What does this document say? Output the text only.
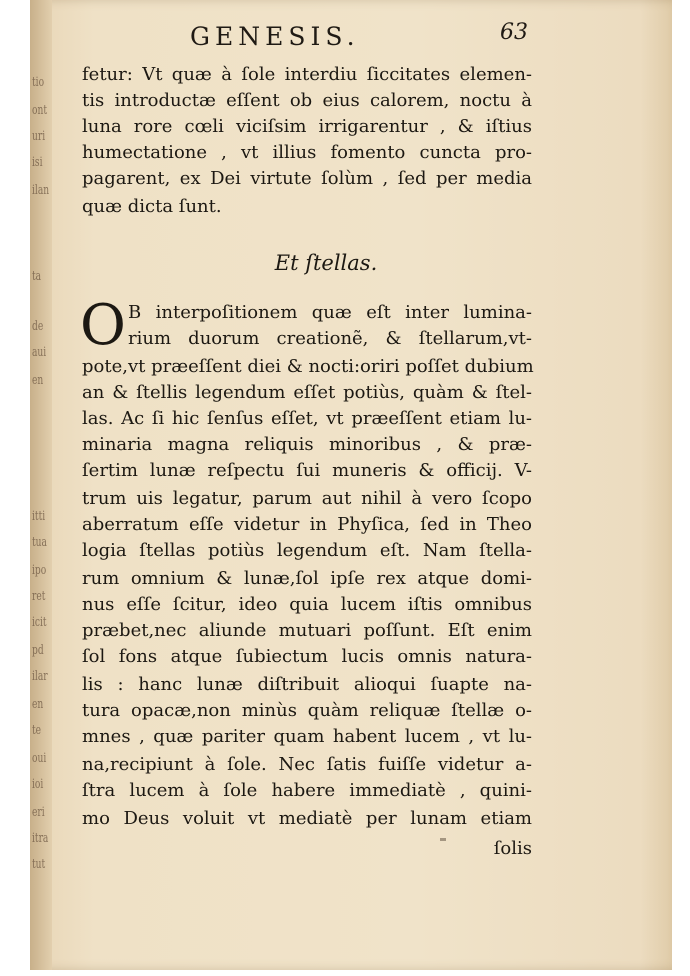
tio
ont
uri
isi
ilan
ta
de
aui
en
itti
tua
ipo
ret
icit
pd
ilar
en
te
oui
ioi
eri
itra
tut
GENESIS.	63
fetur: Vt quæ à ſole interdiu ſiccitates elemen-
tis introductæ eſſent ob eius calorem, noctu à
luna rore cœli viciſsim irrigarentur , & iſtius
humectatione , vt illius fomento cuncta pro-
pagarent, ex Dei virtute ſolùm , ſed per media
quæ dicta ſunt.
Et ſtellas.
O B interpoſitionem quæ eſt inter lumina-
rium duorum creationẽ, & ſtellarum,vt-
pote,vt præeſſent diei & nocti:oriri poſſet dubium
an & ſtellis legendum eſſet potiùs, quàm & ſtel-
las. Ac ſi hic ſenſus eſſet, vt præeſſent etiam lu-
minaria magna reliquis minoribus , & præ-
ſertim lunæ reſpectu ſui muneris & officij. V-
trum uis legatur, parum aut nihil à vero ſcopo
aberratum eſſe videtur in Phyſica, ſed in Theo
logia ſtellas potiùs legendum eſt. Nam ſtella-
rum omnium & lunæ,ſol ipſe rex atque domi-
nus eſſe ſcitur, ideo quia lucem iſtis omnibus
præbet,nec aliunde mutuari poſſunt. Eſt enim
ſol fons atque ſubiectum lucis omnis natura-
lis : hanc lunæ diſtribuit alioqui ſuapte na-
tura opacæ,non minùs quàm reliquæ ſtellæ o-
mnes , quæ pariter quam habent lucem , vt lu-
na,recipiunt à ſole. Nec ſatis fuiſſe videtur a-
ſtra lucem à ſole habere immediatè , quini-
mo Deus voluit vt mediatè per lunam etiam
ſolis
